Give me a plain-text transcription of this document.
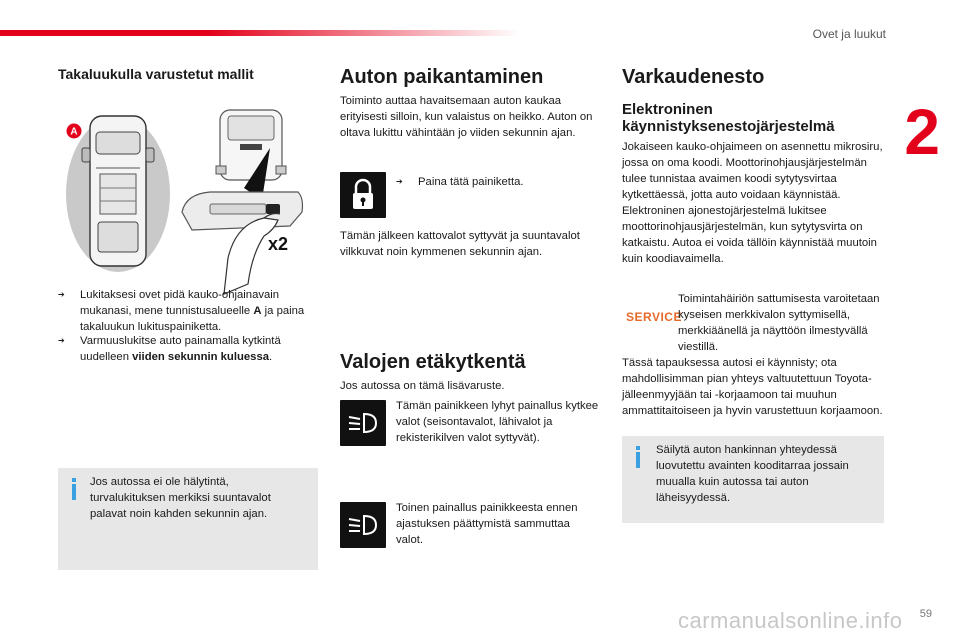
Ovet ja luukut
2
Takaluukulla varustetut mallit
A
x2
➔	Lukitaksesi ovet pidä kauko-ohjainavain mukanasi, mene tunnistusalueelle A ja paina takaluukun lukituspainiketta.
➔	Varmuuslukitse auto painamalla kytkintä uudelleen viiden sekunnin kuluessa.
Jos autossa ei ole hälytintä, turvalukituksen merkiksi suuntavalot palavat noin kahden sekunnin ajan.
Auton paikantaminen
Toiminto auttaa havaitsemaan auton kaukaa erityisesti silloin, kun valaistus on heikko. Auton on oltava lukittu vähintään jo viiden sekunnin ajan.
➔ Paina tätä painiketta.
Tämän jälkeen kattovalot syttyvät ja suuntavalot vilkkuvat noin kymmenen sekunnin ajan.
Valojen etäkytkentä
Jos autossa on tämä lisävaruste.
Tämän painikkeen lyhyt painallus kytkee valot (seisontavalot, lähivalot ja rekisterikilven valot syttyvät).
Toinen painallus painikkeesta ennen ajastuksen päättymistä sammuttaa valot.
Varkaudenesto
Elektroninen käynnistyksenestojärjestelmä
Jokaiseen kauko-ohjaimeen on asennettu mikrosiru, jossa on oma koodi. Moottorinohjausjärjestelmän tulee tunnistaa avaimen koodi sytytysvirtaa kytkettäessä, jotta auto voidaan käynnistää. Elektroninen ajonestojärjestelmä lukitsee moottorinohjausjärjestelmän, kun sytytysvirta on katkaistu. Autoa ei voida tällöin käynnistää muutoin kuin koodiavaimella.
SERVICE
Toimintahäiriön sattumisesta varoitetaan kyseisen merkkivalon syttymisellä, merkkiäänellä ja näyttöön ilmestyvällä viestillä.
Tässä tapauksessa autosi ei käynnisty; ota mahdollisimman pian yhteys valtuutettuun Toyota-jälleenmyyjään tai -korjaamoon tai muuhun ammattitaitoiseen ja hyvin varustettuun korjaamoon.
Säilytä auton hankinnan yhteydessä luovutettu avainten kooditarraa jossain muualla kuin autossa tai auton läheisyydessä.
carmanualsonline.info 59
